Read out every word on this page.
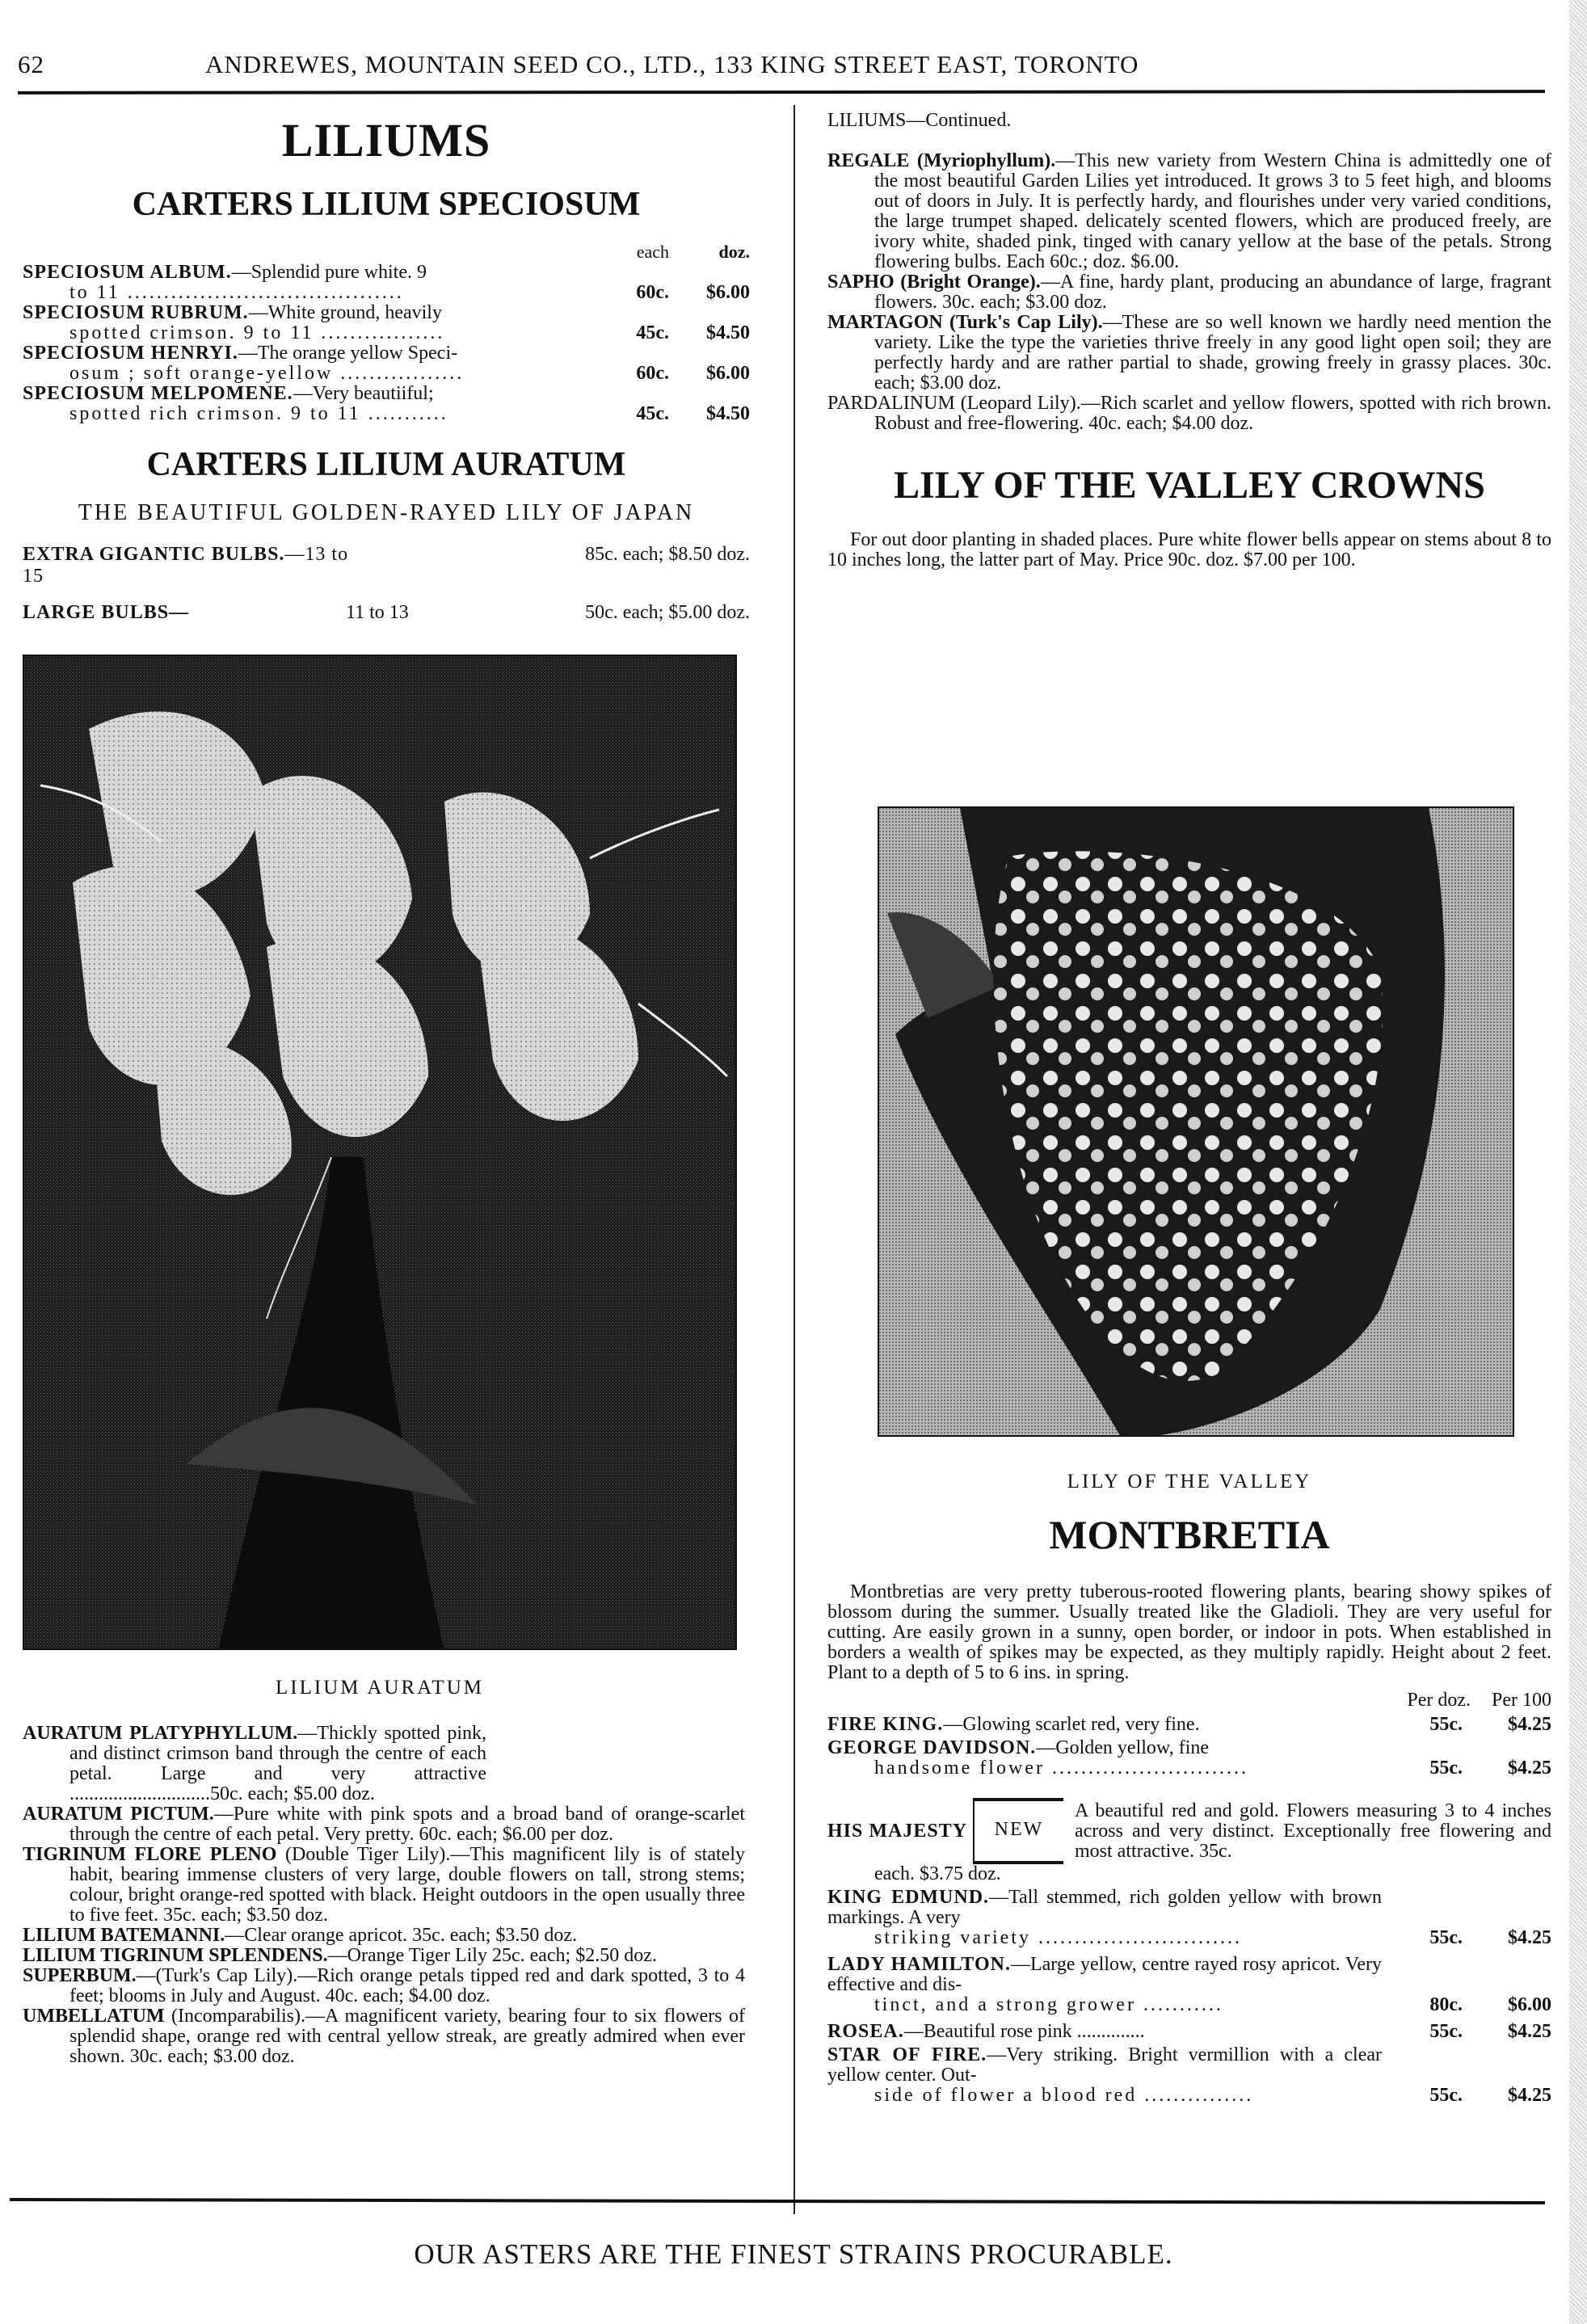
62	ANDREWES, MOUNTAIN SEED CO., LTD., 133 KING STREET EAST, TORONTO
LILIUMS
CARTERS LILIUM SPECIOSUM
each	doz.
SPECIOSUM ALBUM.—Splendid pure white. 9
to 11 ......................................	60c.	$6.00
SPECIOSUM RUBRUM.—White ground, heavily
spotted crimson. 9 to 11 .................	45c.	$4.50
SPECIOSUM HENRYI.—The orange yellow Speci-
osum ; soft orange-yellow .................	60c.	$6.00
SPECIOSUM MELPOMENE.—Very beautiiful;
spotted rich crimson. 9 to 11 ...........	45c.	$4.50
CARTERS LILIUM AURATUM
THE BEAUTIFUL GOLDEN-RAYED LILY OF JAPAN
EXTRA GIGANTIC BULBS.—13 to 15
85c. each; $8.50 doz.
LARGE BULBS—	11 to 13	50c. each; $5.00 doz.
LILIUM AURATUM
AURATUM PLATYPHYLLUM.—Thickly spotted pink, and distinct crimson band through the centre of each petal. Large and very attractive .............................50c. each; $5.00 doz.
AURATUM PICTUM.—Pure white with pink spots and a broad band of orange-scarlet through the centre of each petal. Very pretty. 60c. each; $6.00 per doz.
TIGRINUM FLORE PLENO (Double Tiger Lily).—This magnificent lily is of stately habit, bearing immense clusters of very large, double flowers on tall, strong stems; colour, bright orange-red spotted with black. Height outdoors in the open usually three to five feet. 35c. each; $3.50 doz.
LILIUM BATEMANNI.—Clear orange apricot. 35c. each; $3.50 doz.
LILIUM TIGRINUM SPLENDENS.—Orange Tiger Lily 25c. each; $2.50 doz.
SUPERBUM.—(Turk's Cap Lily).—Rich orange petals tipped red and dark spotted, 3 to 4 feet; blooms in July and August. 40c. each; $4.00 doz.
UMBELLATUM (Incomparabilis).—A magnificent variety, bearing four to six flowers of splendid shape, orange red with central yellow streak, are greatly admired when ever shown. 30c. each; $3.00 doz.
LILIUMS—Continued.
REGALE (Myriophyllum).—This new variety from Western China is admittedly one of the most beautiful Garden Lilies yet introduced. It grows 3 to 5 feet high, and blooms out of doors in July. It is perfectly hardy, and flourishes under very varied conditions, the large trumpet shaped. delicately scented flowers, which are produced freely, are ivory white, shaded pink, tinged with canary yellow at the base of the petals. Strong flowering bulbs. Each 60c.; doz. $6.00.
SAPHO (Bright Orange).—A fine, hardy plant, producing an abundance of large, fragrant flowers. 30c. each; $3.00 doz.
MARTAGON (Turk's Cap Lily).—These are so well known we hardly need mention the variety. Like the type the varieties thrive freely in any good light open soil; they are perfectly hardy and are rather partial to shade, growing freely in grassy places. 30c. each; $3.00 doz.
PARDALINUM (Leopard Lily).—Rich scarlet and yellow flowers, spotted with rich brown. Robust and free-flowering. 40c. each; $4.00 doz.
LILY OF THE VALLEY CROWNS
For out door planting in shaded places. Pure white flower bells appear on stems about 8 to 10 inches long, the latter part of May. Price 90c. doz. $7.00 per 100.
LILY OF THE VALLEY
MONTBRETIA
Montbretias are very pretty tuberous-rooted flowering plants, bearing showy spikes of blossom during the summer. Usually treated like the Gladioli. They are very useful for cutting. Are easily grown in a sunny, open border, or indoor in pots. When established in borders a wealth of spikes may be expected, as they multiply rapidly. Height about 2 feet. Plant to a depth of 5 to 6 ins. in spring.
Per doz.	Per 100
FIRE KING.—Glowing scarlet red, very fine.	55c.	$4.25
GEORGE DAVIDSON.—Golden yellow, fine
handsome flower ...........................	55c.	$4.25
HIS MAJESTY	NEW
A beautiful red and gold. Flowers measuring 3 to 4 inches across and very distinct. Exceptionally free flowering and most attractive. 35c.
each. $3.75 doz.
KING EDMUND.—Tall stemmed, rich golden yellow with brown markings. A very
striking variety ............................	55c.	$4.25
LADY HAMILTON.—Large yellow, centre rayed rosy apricot. Very effective and dis-
tinct, and a strong grower ...........	80c.	$6.00
ROSEA.—Beautiful rose pink ..............	55c.	$4.25
STAR OF FIRE.—Very striking. Bright vermillion with a clear yellow center. Out-
side of flower a blood red ...............	55c.	$4.25
OUR ASTERS ARE THE FINEST STRAINS PROCURABLE.
